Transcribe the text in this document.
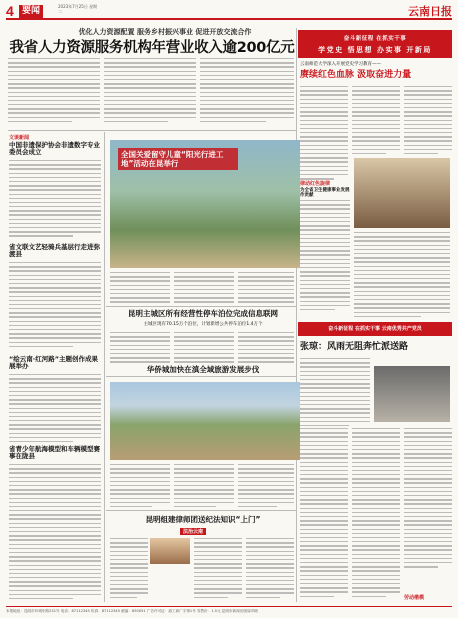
4 要闻	2023年7月25日 星期二	云南日报
优化人力资源配置 服务乡村振兴事业 促进开放交流合作
我省人力资源服务机构年营业收入逾200亿元
文谈新闻
中国非遗保护协会非遗数字专业委员会成立
省文联文艺轻骑兵基层行走进弥渡县
“绘云南·红河路”主题创作成果展举办
省青少年航海模型和车辆模型赛事在陇县
全国关爱留守儿童“阳光行进工地”活动在昆举行
昆明主城区所有经营性停车泊位完成信息联网
主城区现有70.15万个泊位，计划新增公共停车泊位1.4万个
华侨城加快在滇全域旅游发展步伐
昆明组建律师团送纪法知识“上门”
法治云南
奋斗新征程 在抓实干事
学党史 悟思想 办实事 开新局
云南师范大学深入开展党史学习教育——
赓续红色血脉 汲取奋进力量
律动红色旋律
为全省卫生健康事业发展作贡献
奋斗新征程 在抓实干事 云南优秀共产党员
张琼：风雨无阻奔忙派送路
劳动楷模
本报地址：昆明市环城东路231号 电话：87112345 传真：87112345 邮编：650051 广告许可证：滇工商广字第1号 零售价：1.5元 昆明市新闻出版局印刷
